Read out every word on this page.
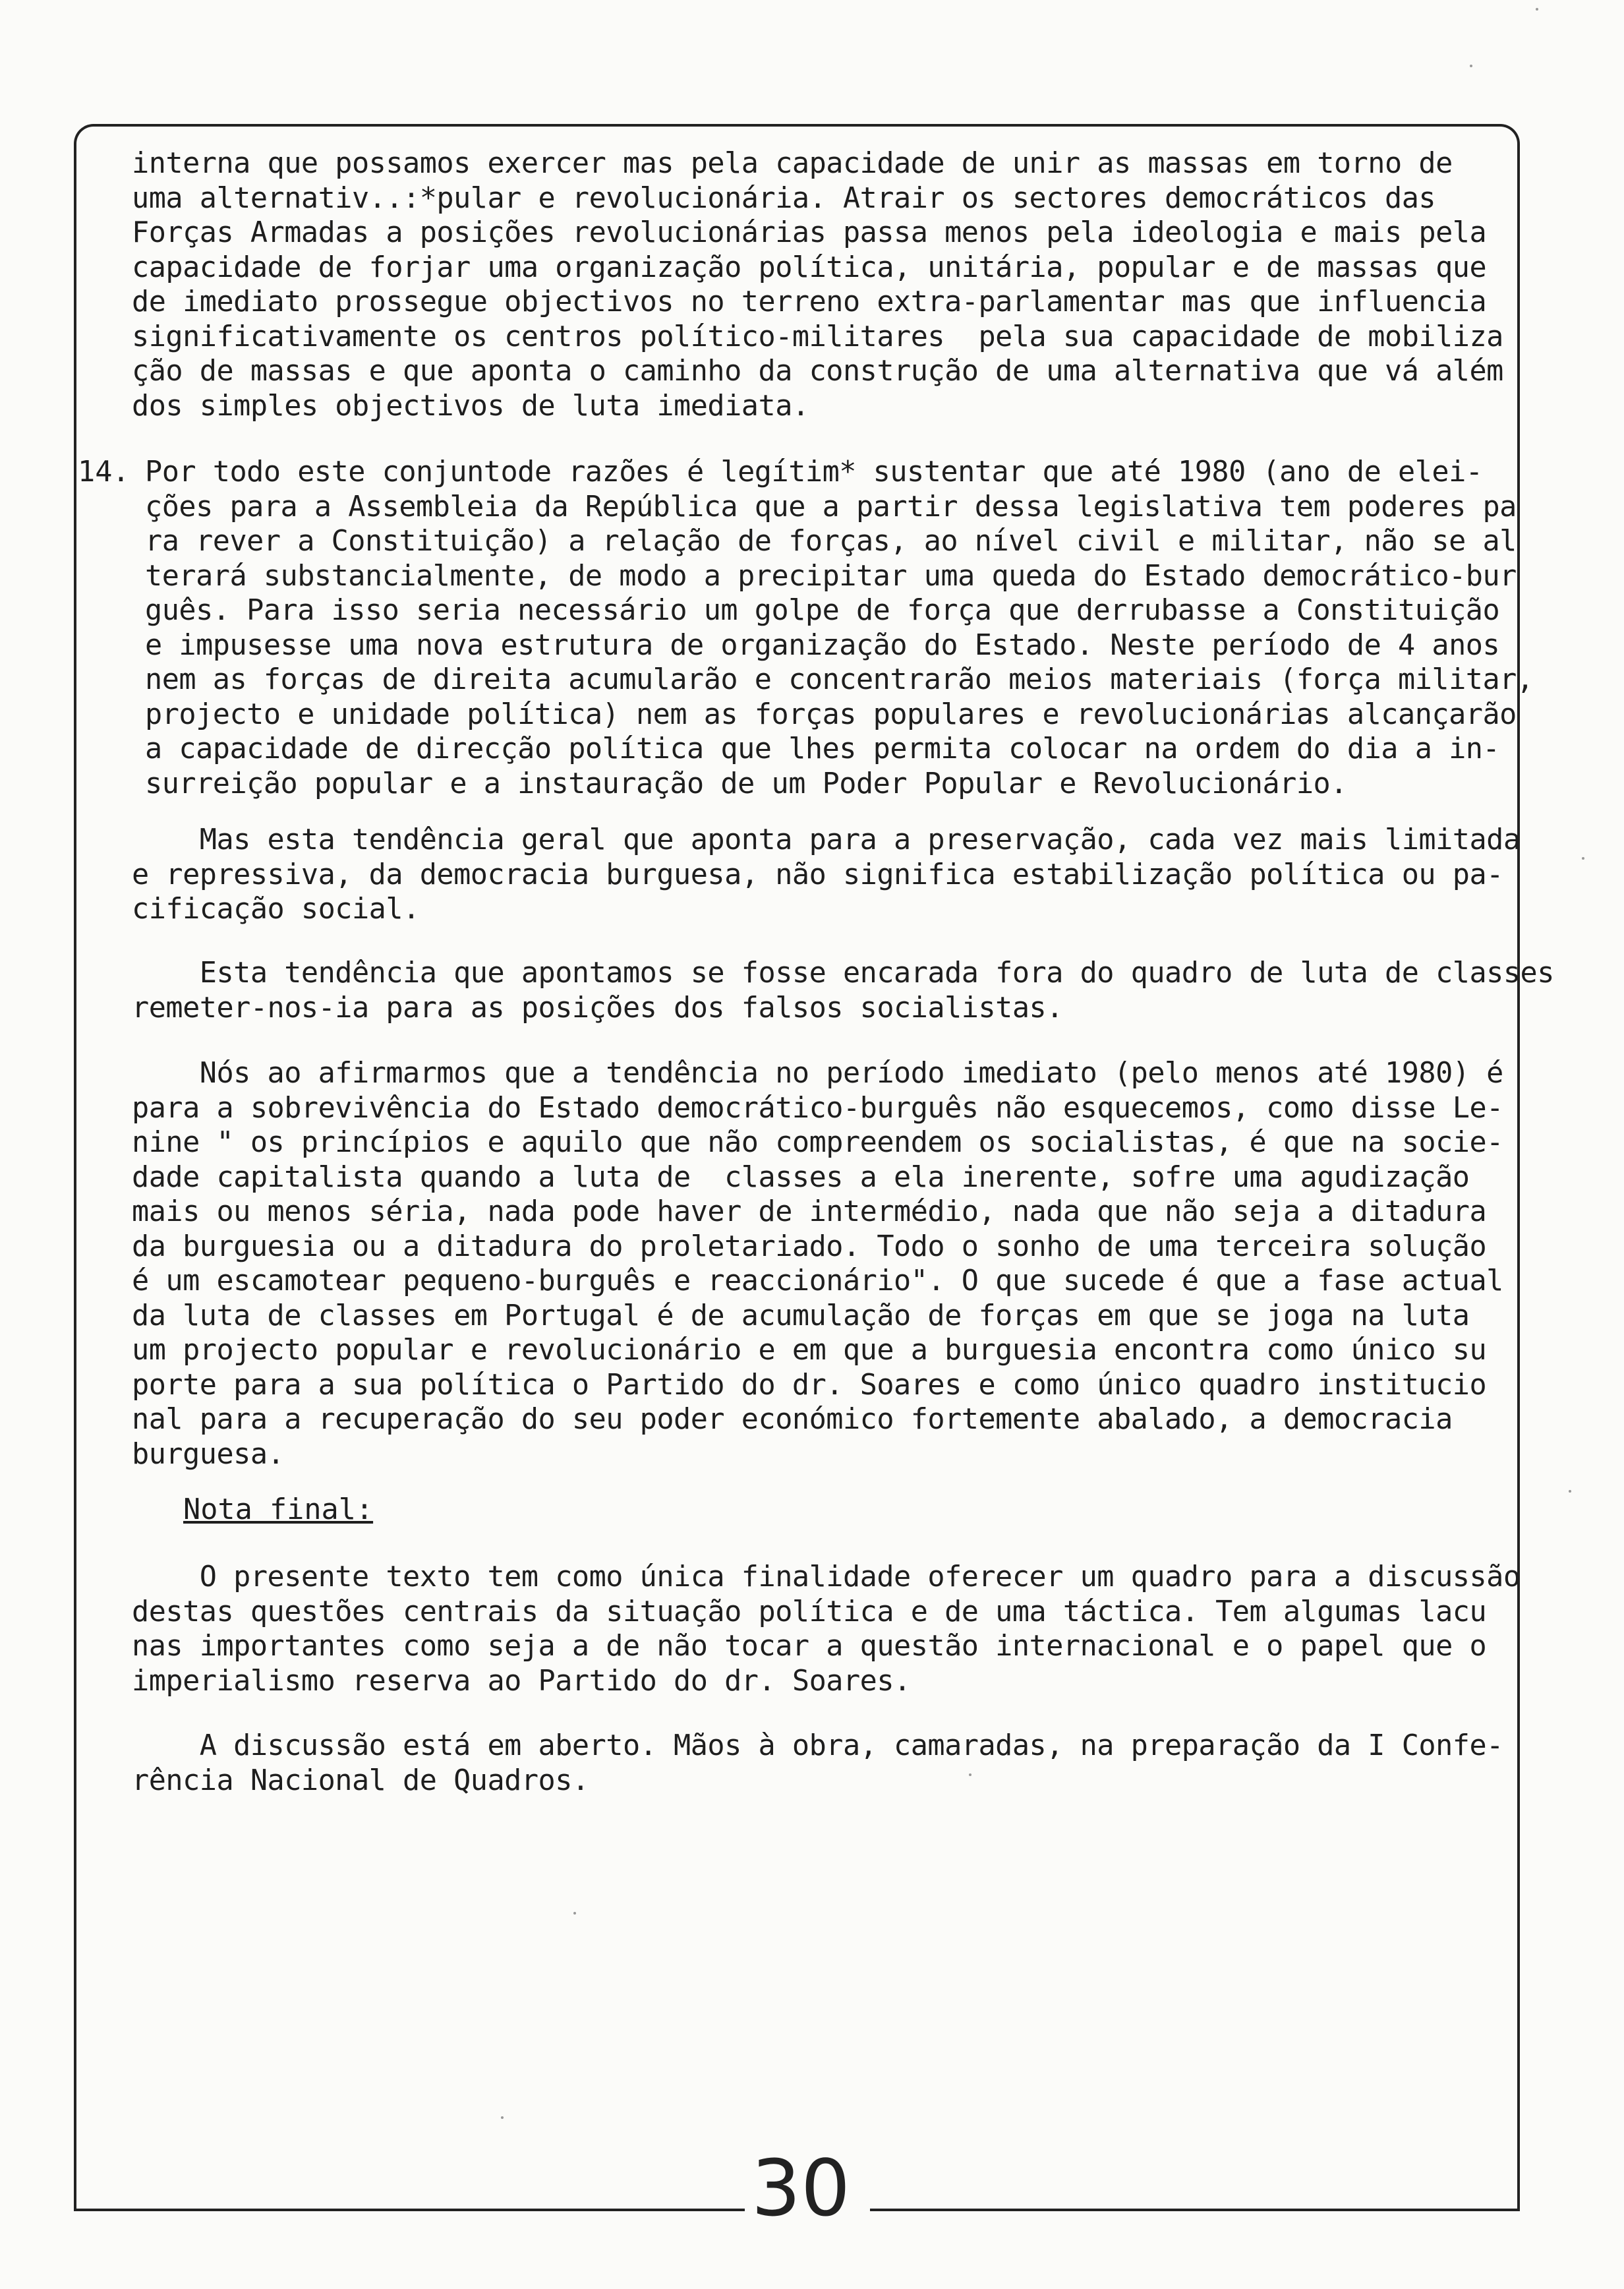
30
interna que possamos exercer mas pela capacidade de unir as massas em torno de
uma alternativ..:*pular e revolucionária. Atrair os sectores democráticos das
Forças Armadas a posições revolucionárias passa menos pela ideologia e mais pela
capacidade de forjar uma organização política, unitária, popular e de massas que
de imediato prossegue objectivos no terreno extra-parlamentar mas que influencia
significativamente os centros político-militares  pela sua capacidade de mobiliza
ção de massas e que aponta o caminho da construção de uma alternativa que vá além
dos simples objectivos de luta imediata.
14. Por todo este conjuntode razões é legítim* sustentar que até 1980 (ano de elei-
ções para a Assembleia da República que a partir dessa legislativa tem poderes pa
ra rever a Constituição) a relação de forças, ao nível civil e militar, não se al
terará substancialmente, de modo a precipitar uma queda do Estado democrático-bur
guês. Para isso seria necessário um golpe de força que derrubasse a Constituição
e impusesse uma nova estrutura de organização do Estado. Neste período de 4 anos
nem as forças de direita acumularão e concentrarão meios materiais (força militar,
projecto e unidade política) nem as forças populares e revolucionárias alcançarão
a capacidade de direcção política que lhes permita colocar na ordem do dia a in-
surreição popular e a instauração de um Poder Popular e Revolucionário.
Mas esta tendência geral que aponta para a preservação, cada vez mais limitada
e repressiva, da democracia burguesa, não significa estabilização política ou pa-
cificação social.
Esta tendência que apontamos se fosse encarada fora do quadro de luta de classes
remeter-nos-ia para as posições dos falsos socialistas.
Nós ao afirmarmos que a tendência no período imediato (pelo menos até 1980) é
para a sobrevivência do Estado democrático-burguês não esquecemos, como disse Le-
nine " os princípios e aquilo que não compreendem os socialistas, é que na socie-
dade capitalista quando a luta de  classes a ela inerente, sofre uma agudização
mais ou menos séria, nada pode haver de intermédio, nada que não seja a ditadura
da burguesia ou a ditadura do proletariado. Todo o sonho de uma terceira solução
é um escamotear pequeno-burguês e reaccionário". O que sucede é que a fase actual
da luta de classes em Portugal é de acumulação de forças em que se joga na luta
um projecto popular e revolucionário e em que a burguesia encontra como único su
porte para a sua política o Partido do dr. Soares e como único quadro institucio
nal para a recuperação do seu poder económico fortemente abalado, a democracia
burguesa.
Nota final:
O presente texto tem como única finalidade oferecer um quadro para a discussão
destas questões centrais da situação política e de uma táctica. Tem algumas lacu
nas importantes como seja a de não tocar a questão internacional e o papel que o
imperialismo reserva ao Partido do dr. Soares.
A discussão está em aberto. Mãos à obra, camaradas, na preparação da I Confe-
rência Nacional de Quadros.
